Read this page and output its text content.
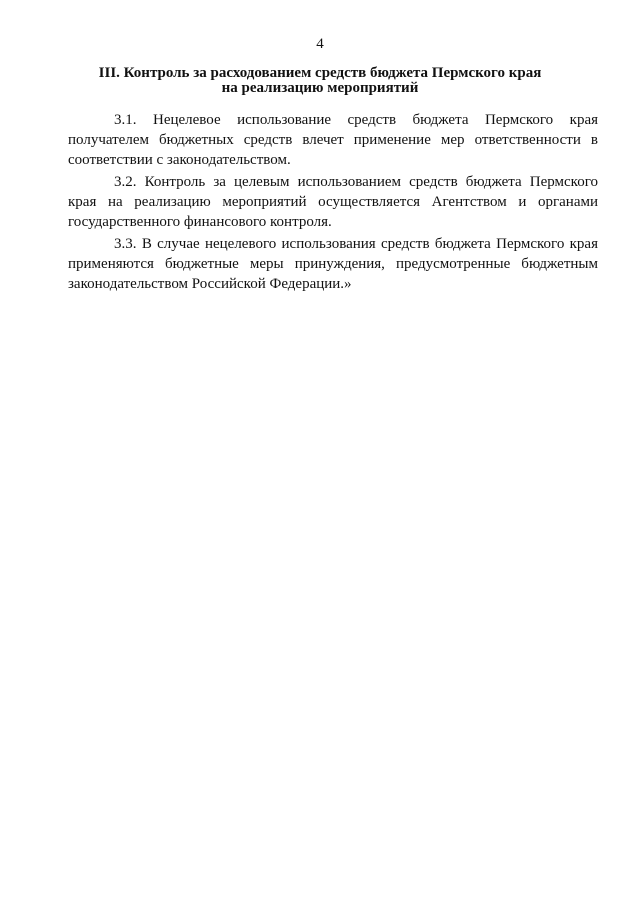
4
III. Контроль за расходованием средств бюджета Пермского края
на реализацию мероприятий

3.1. Нецелевое использование средств бюджета Пермского края получателем бюджетных средств влечет применение мер ответственности в соответствии с законодательством.

3.2. Контроль за целевым использованием средств бюджета Пермского края на реализацию мероприятий осуществляется Агентством и органами государственного финансового контроля.

3.3. В случае нецелевого использования средств бюджета Пермского края применяются бюджетные меры принуждения, предусмотренные бюджетным законодательством Российской Федерации.»
